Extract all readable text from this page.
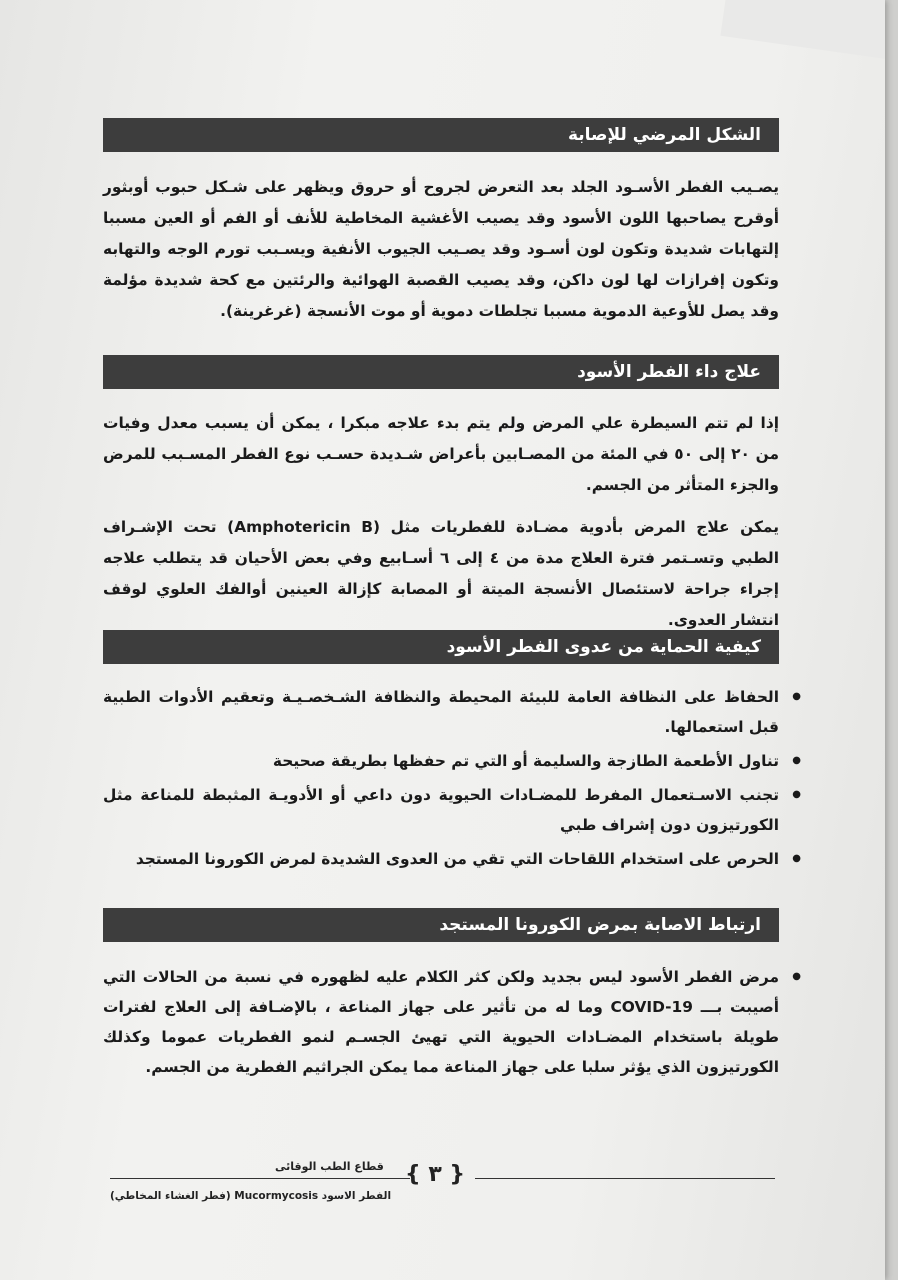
الشكل المرضي للإصابة

يصـيب الفطر الأسـود الجلد بعد التعرض لجروح أو حروق ويظهر على شـكل حبوب أوبثور أوقرح يصاحبها اللون الأسود وقد يصيب الأغشية المخاطية للأنف أو الفم أو العين مسببا إلتهابات شديدة وتكون لون أسـود وقد يصـيب الجيوب الأنفية ويسـبب تورم الوجه والتهابه وتكون إفرازات لها لون داكن، وقد يصيب القصبة الهوائية والرئتين مع كحة شديدة مؤلمة وقد يصل للأوعية الدموية مسببا تجلطات دموية أو موت الأنسجة (غرغرينة).

علاج داء الفطر الأسود

إذا لم تتم السيطرة علي المرض ولم يتم بدء علاجه مبكرا ، يمكن أن يسبب معدل وفيات من ٢٠ إلى ٥٠ في المئة من المصـابين بأعراض شـديدة حسـب نوع الفطر المسـبب للمرض والجزء المتأثر من الجسم.

يمكن علاج المرض بأدوية مضـادة للفطريات مثل (Amphotericin B) تحت الإشـراف الطبي وتسـتمر فترة العلاج مدة من ٤ إلى ٦ أسـابيع وفي بعض الأحيان قد يتطلب علاجه إجراء جراحة لاستئصال الأنسجة الميتة أو المصابة كإزالة العينين أوالفك العلوي لوقف انتشار العدوى.

كيفية الحماية من عدوى الفطر الأسود
● الحفاظ على النظافة العامة للبيئة المحيطة والنظافة الشـخصـيـة وتعقيم الأدوات الطبية قبل استعمالها.
● تناول الأطعمة الطازجة والسليمة أو التي تم حفظها بطريقة صحيحة
● تجنب الاسـتعمال المفرط للمضـادات الحيوية دون داعي أو الأدويـة المثبطة للمناعة مثل الكورتيزون دون إشراف طبي
● الحرص على استخدام اللقاحات التي تقي من العدوى الشديدة لمرض الكورونا المستجد
ارتباط الاصابة بمرض الكورونا المستجد
● مرض الفطر الأسود ليس بجديد ولكن كثر الكلام عليه لظهوره في نسبة من الحالات التي أصيبت بـــ COVID-19 وما له من تأثير على جهاز المناعة ، بالإضـافة إلى العلاج لفترات طويلة باستخدام المضـادات الحيوية التي تهيئ الجسـم لنمو الفطريات عموما وكذلك الكورتيزون الذي يؤثر سلبا على جهاز المناعة مما يمكن الجراثيم الفطرية من الجسم.
قطاع الطب الوقائى
الفطر الاسود Mucormycosis (فطر الغشاء المخاطي)
{ ٣ }
